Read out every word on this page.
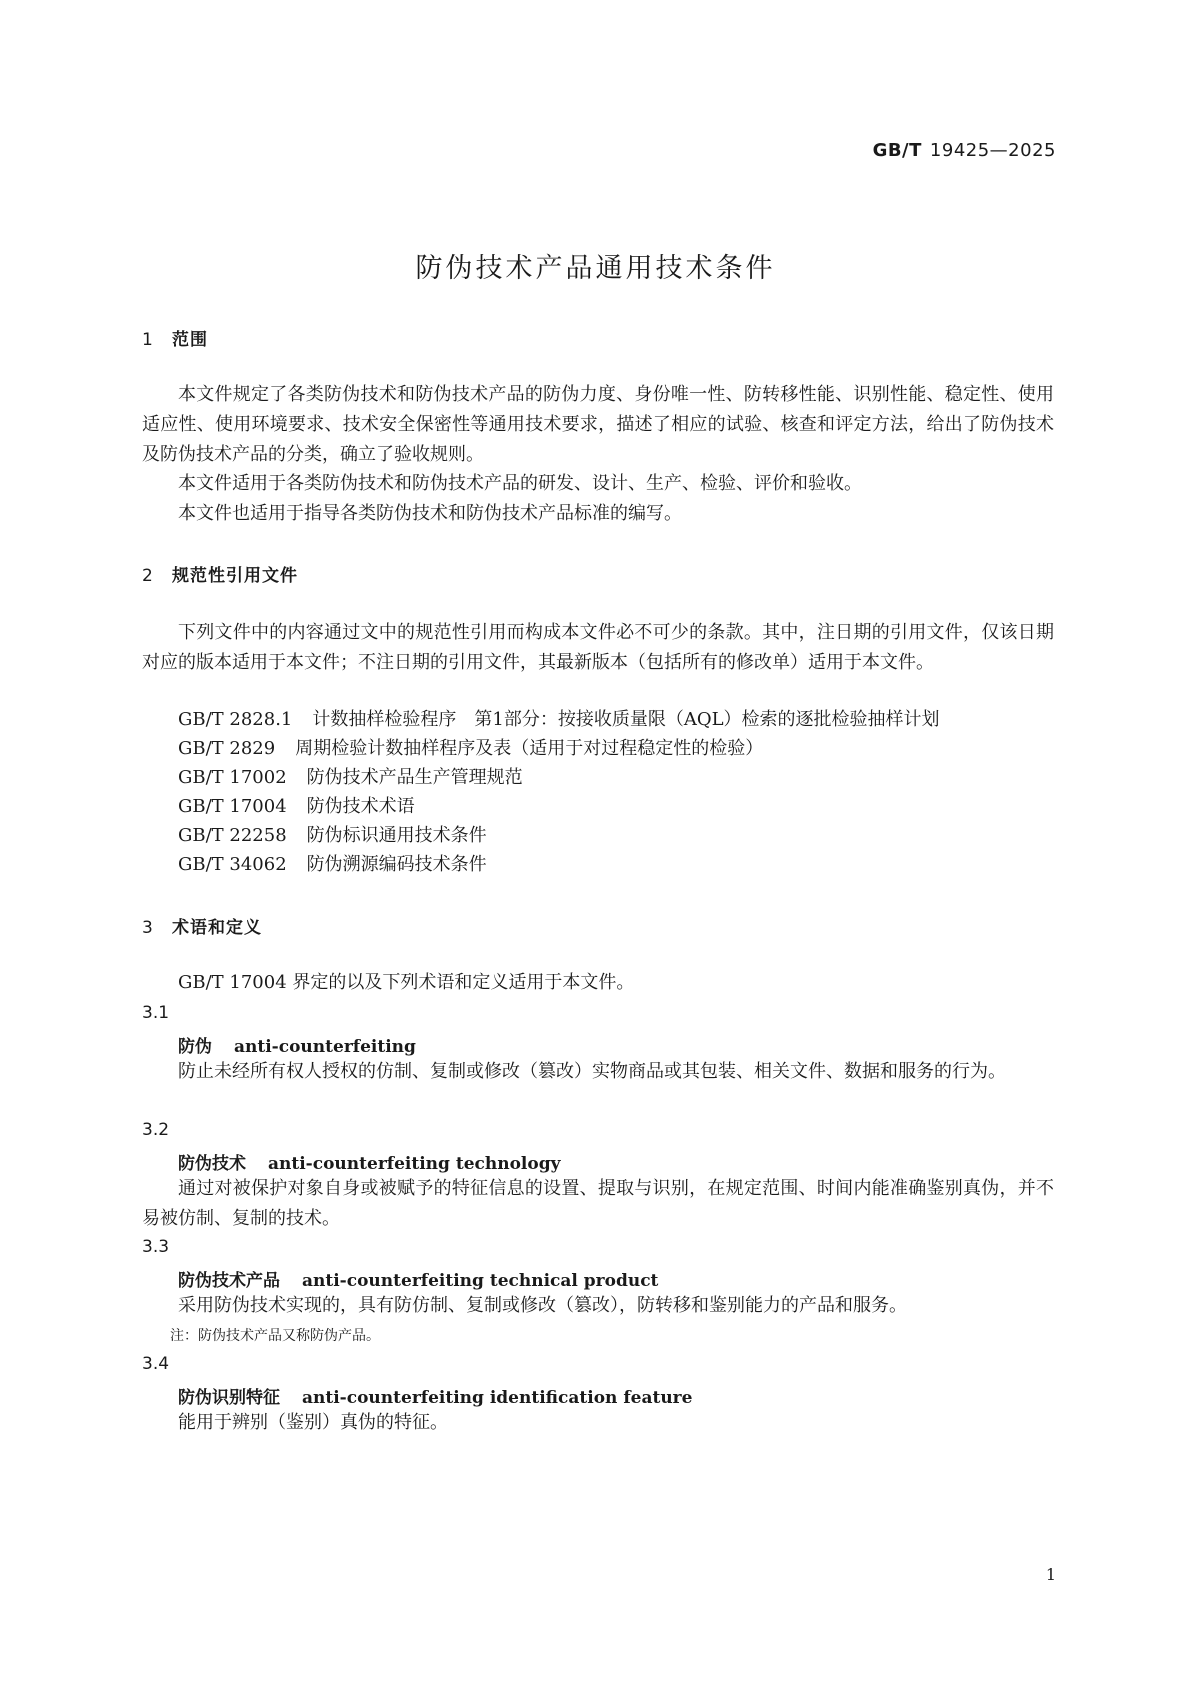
GB/T 19425—2025
防伪技术产品通用技术条件
1 范围
本文件规定了各类防伪技术和防伪技术产品的防伪力度、身份唯一性、防转移性能、识别性能、稳定性、使用适应性、使用环境要求、技术安全保密性等通用技术要求，描述了相应的试验、核查和评定方法，给出了防伪技术及防伪技术产品的分类，确立了验收规则。
本文件适用于各类防伪技术和防伪技术产品的研发、设计、生产、检验、评价和验收。
本文件也适用于指导各类防伪技术和防伪技术产品标准的编写。
2 规范性引用文件
下列文件中的内容通过文中的规范性引用而构成本文件必不可少的条款。其中，注日期的引用文件，仅该日期对应的版本适用于本文件；不注日期的引用文件，其最新版本（包括所有的修改单）适用于本文件。
GB/T 2828.1 计数抽样检验程序　第1部分：按接收质量限（AQL）检索的逐批检验抽样计划
GB/T 2829 周期检验计数抽样程序及表（适用于对过程稳定性的检验）
GB/T 17002 防伪技术产品生产管理规范
GB/T 17004 防伪技术术语
GB/T 22258 防伪标识通用技术条件
GB/T 34062 防伪溯源编码技术条件
3 术语和定义
GB/T 17004 界定的以及下列术语和定义适用于本文件。
3.1
防伪 anti-counterfeiting
防止未经所有权人授权的仿制、复制或修改（篡改）实物商品或其包装、相关文件、数据和服务的行为。
3.2
防伪技术 anti-counterfeiting technology
通过对被保护对象自身或被赋予的特征信息的设置、提取与识别，在规定范围、时间内能准确鉴别真伪，并不易被仿制、复制的技术。
3.3
防伪技术产品 anti-counterfeiting technical product
采用防伪技术实现的，具有防仿制、复制或修改（篡改），防转移和鉴别能力的产品和服务。
注：防伪技术产品又称防伪产品。
3.4
防伪识别特征 anti-counterfeiting identification feature
能用于辨别（鉴别）真伪的特征。
1
